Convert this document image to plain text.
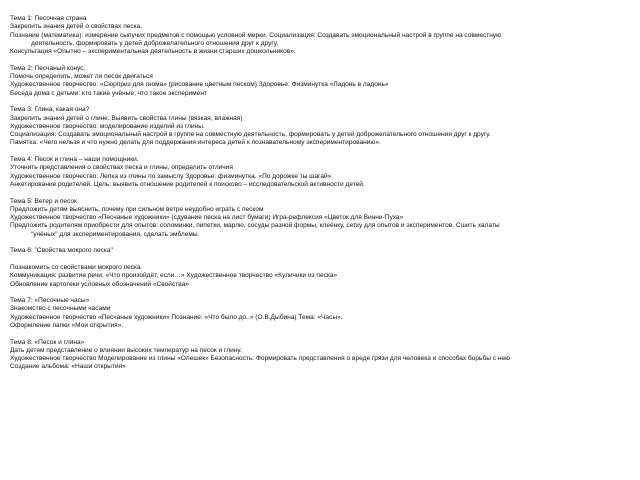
Тема 1: Песочная страна
Закрепить знания детей о свойствах песка.
Познание (математика): измерение сыпучих предметов с помощью условной мерки. Социализация: Создавать эмоциональный настрой в группе на совместную
деятельность, формировать у детей доброжелательного отношения друг к другу.
Консультация «Опытно – экспериментальная деятельность в жизни старших дошкольников».
Тема 2: Песчаный конус.
Помочь определить, может ли песок двигаться
Художественное творчество: «Сюрприз для гнома» (рисование цветным песком) Здоровье: Физминутка «Ладонь в ладонь»
Беседа дома с детьми: кто такие учёные; что такое эксперимент
Тема 3: Глина, какая она?
Закрепить знания детей о глине. Выявить свойства глины (вязкая, влажная)
Художественное творчество: моделирование изделий из глины.
Социализация: Создавать эмоциональный настрой в группе на совместную деятельность, формировать у детей доброжелательного отношения друг к другу.
Памятка: «Чего нельзя и что нужно делать для поддержания интереса детей к познавательному экспериментированию».
Тема 4: Песок и глина – наши помощники.
Уточнить представления о свойствах песка и глины, определить отличия
Художественное творчество: Лепка из глины по замыслу Здоровье: физминутка. «По дорожке ты шагай»
Анкетирование родителей. Цель: выявить отношение родителей к поисково – исследовательской активности детей.
Тема 5: Ветер и песок
Предложить детям выяснить, почему при сильном ветре неудобно играть с песком
Художественное творчество «Песчаные художники» (сдувание песка на лист бумаги) Игра-рефлексия «Цветок для Винни-Пуха»
Предложить родителям приобрести для опытов: соломинки, пипетки, марлю, сосуды разной формы, клеёнку, сетку для опытов и экспериментов. Сшить халаты
"учёных" для экспериментирования, сделать эмблемы.
Тема 6: "Свойства мокрого песка"
Познакомить со свойствами мокрого песка
Коммуникация: развитие речи: «Что произойдёт, если…» Художественное творчество «Куличики из песка»
Обновление картотеки условных обозначений «Свойства»
Тема 7: «Песочные часы»
Знакомство с песочными часами
Художественное творчество «Песчаные художники» Познание: «Что было до..» (О.В.Дыбина) Тема: «Часы».
Оформление папки «Мои открытия».
Тема 8: «Песок и глина»
Дать детям представление о влиянии высоких температур на песок и глину.
Художественное творчество Моделирование из глины «Олешек» Безопасность: Формировать представления о вреде грязи для человека и способах борьбы с нею
Создание альбома: «Наши открытия»
